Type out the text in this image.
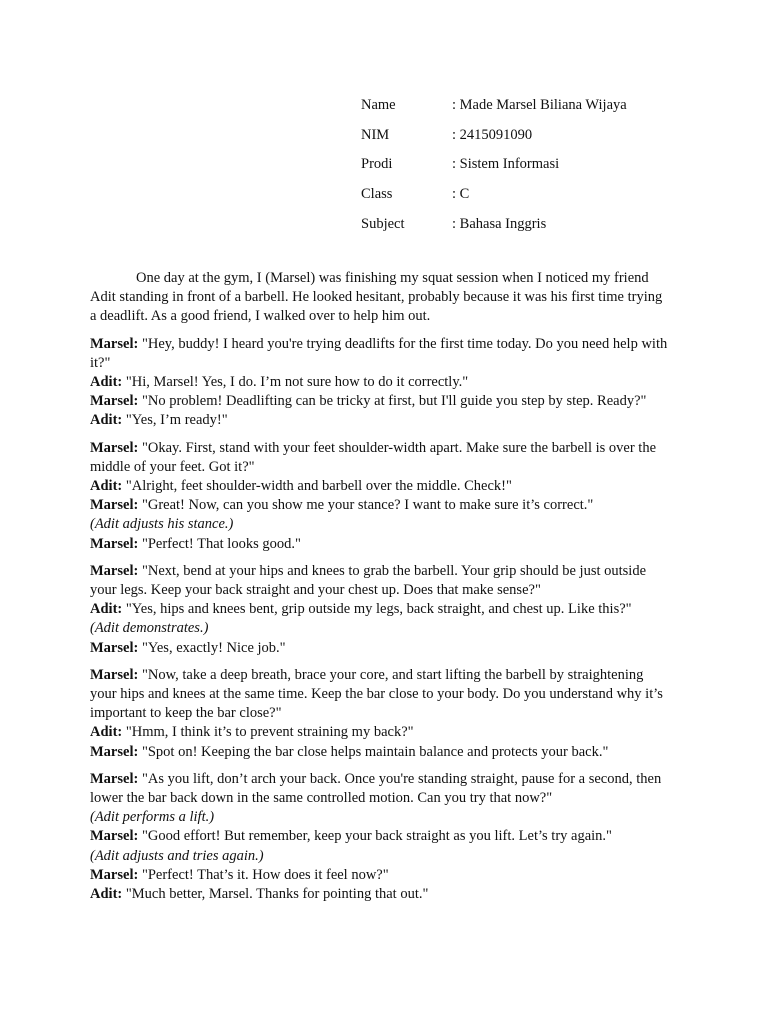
Name	: Made Marsel Biliana Wijaya
NIM	: 2415091090
Prodi	: Sistem Informasi
Class	: C
Subject	: Bahasa Inggris

One day at the gym, I (Marsel) was finishing my squat session when I noticed my friend Adit standing in front of a barbell. He looked hesitant, probably because it was his first time trying a deadlift. As a good friend, I walked over to help him out.

Marsel: "Hey, buddy! I heard you're trying deadlifts for the first time today. Do you need help with it?"

Adit: "Hi, Marsel! Yes, I do. I’m not sure how to do it correctly."

Marsel: "No problem! Deadlifting can be tricky at first, but I'll guide you step by step. Ready?"

Adit: "Yes, I’m ready!"

Marsel: "Okay. First, stand with your feet shoulder-width apart. Make sure the barbell is over the middle of your feet. Got it?"

Adit: "Alright, feet shoulder-width and barbell over the middle. Check!"

Marsel: "Great! Now, can you show me your stance? I want to make sure it’s correct."

(Adit adjusts his stance.)

Marsel: "Perfect! That looks good."

Marsel: "Next, bend at your hips and knees to grab the barbell. Your grip should be just outside your legs. Keep your back straight and your chest up. Does that make sense?"

Adit: "Yes, hips and knees bent, grip outside my legs, back straight, and chest up. Like this?"

(Adit demonstrates.)

Marsel: "Yes, exactly! Nice job."

Marsel: "Now, take a deep breath, brace your core, and start lifting the barbell by straightening your hips and knees at the same time. Keep the bar close to your body. Do you understand why it’s important to keep the bar close?"

Adit: "Hmm, I think it’s to prevent straining my back?"

Marsel: "Spot on! Keeping the bar close helps maintain balance and protects your back."

Marsel: "As you lift, don’t arch your back. Once you're standing straight, pause for a second, then lower the bar back down in the same controlled motion. Can you try that now?"

(Adit performs a lift.)

Marsel: "Good effort! But remember, keep your back straight as you lift. Let’s try again."

(Adit adjusts and tries again.)

Marsel: "Perfect! That’s it. How does it feel now?"

Adit: "Much better, Marsel. Thanks for pointing that out."
